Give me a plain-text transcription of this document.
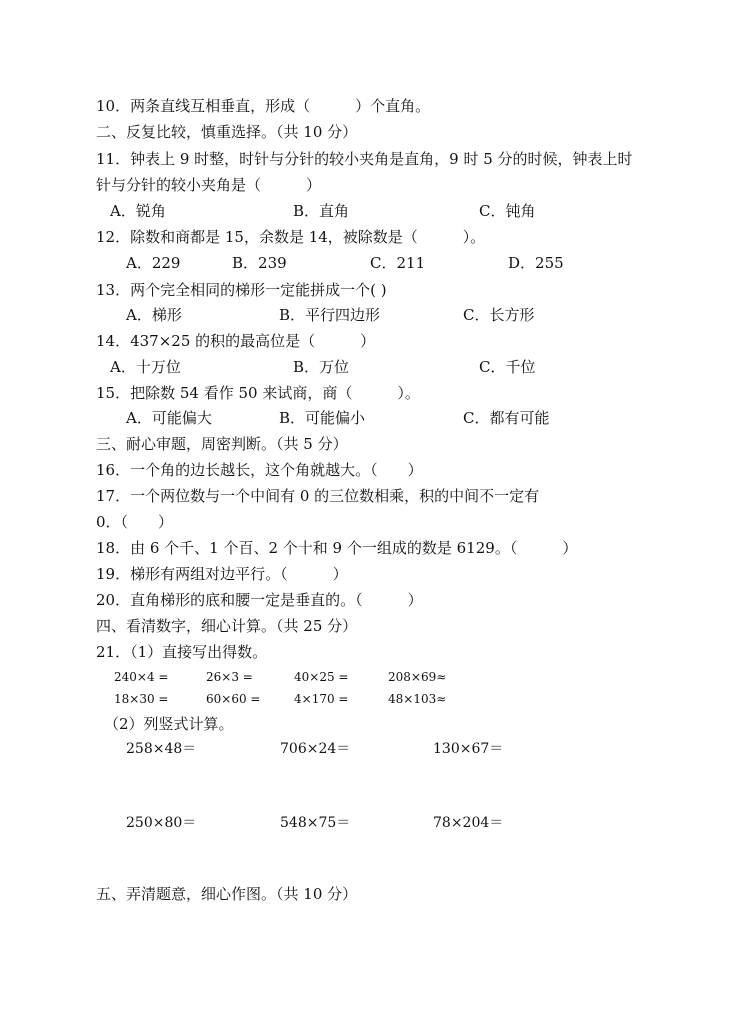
10．两条直线互相垂直，形成（　　　）个直角。
二、反复比较，慎重选择。（共 10 分）
11．钟表上 9 时整，时针与分针的较小夹角是直角，9 时 5 分的时候，钟表上时
针与分针的较小夹角是（　　　）
A．锐角	B．直角	C．钝角
12．除数和商都是 15，余数是 14，被除数是（　　　）。
A．229	B．239	C．211	D．255
13．两个完全相同的梯形一定能拼成一个( )
A．梯形	B．平行四边形	C．长方形
14．437×25 的积的最高位是（　　　）
A．十万位	B．万位	C．千位
15．把除数 54 看作 50 来试商，商（　　　）。
A．可能偏大	B．可能偏小	C．都有可能
三、耐心审题，周密判断。（共 5 分）
16．一个角的边长越长，这个角就越大。（　　）
17．一个两位数与一个中间有 0 的三位数相乘，积的中间不一定有
0．（　　）
18．由 6 个千、1 个百、2 个十和 9 个一组成的数是 6129。（　　　）
19．梯形有两组对边平行。（　　　）
20．直角梯形的底和腰一定是垂直的。（　　　）
四、看清数字，细心计算。（共 25 分）
21．（1）直接写出得数。
240×4 =	26×3 =	40×25 =	208×69≈
18×30 =	60×60 =	4×170 =	48×103≈
（2）列竖式计算。
258×48＝	706×24＝	130×67＝
250×80＝	548×75＝	78×204＝
五、弄清题意，细心作图。（共 10 分）
